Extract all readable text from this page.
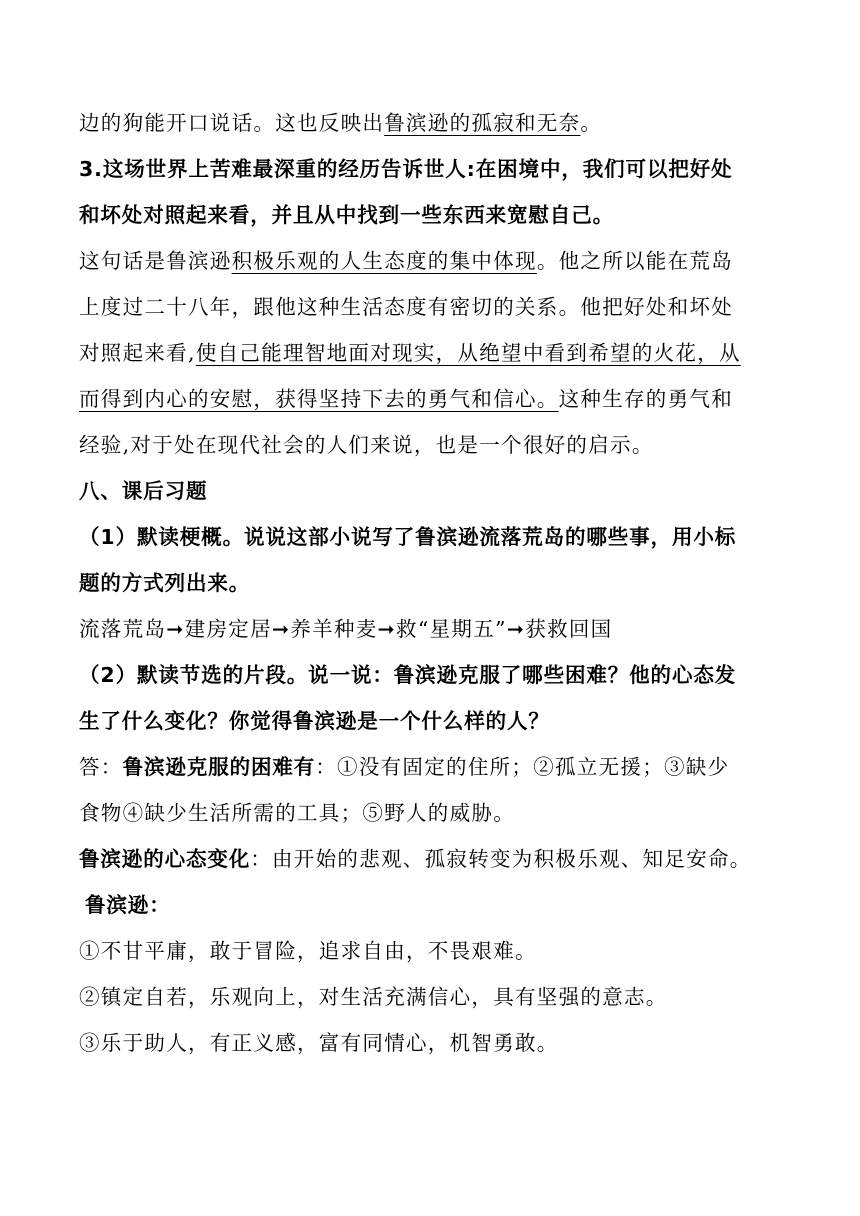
边的狗能开口说话。这也反映出鲁滨逊的孤寂和无奈。
3.这场世界上苦难最深重的经历告诉世人:在困境中，我们可以把好处
和坏处对照起来看，并且从中找到一些东西来宽慰自己。
这句话是鲁滨逊积极乐观的人生态度的集中体现。他之所以能在荒岛
上度过二十八年，跟他这种生活态度有密切的关系。他把好处和坏处
对照起来看,使自己能理智地面对现实，从绝望中看到希望的火花，从
而得到内心的安慰，获得坚持下去的勇气和信心。这种生存的勇气和
经验,对于处在现代社会的人们来说，也是一个很好的启示。
八、课后习题
（1）默读梗概。说说这部小说写了鲁滨逊流落荒岛的哪些事，用小标
题的方式列出来。
流落荒岛➞建房定居➞养羊种麦➞救“星期五”➞获救回国
（2）默读节选的片段。说一说：鲁滨逊克服了哪些困难？他的心态发
生了什么变化？你觉得鲁滨逊是一个什么样的人？
答：鲁滨逊克服的困难有：①没有固定的住所；②孤立无援；③缺少
食物④缺少生活所需的工具；⑤野人的威胁。
鲁滨逊的心态变化：由开始的悲观、孤寂转变为积极乐观、知足安命。
鲁滨逊：
①不甘平庸，敢于冒险，追求自由，不畏艰难。
②镇定自若，乐观向上，对生活充满信心，具有坚强的意志。
③乐于助人，有正义感，富有同情心，机智勇敢。
